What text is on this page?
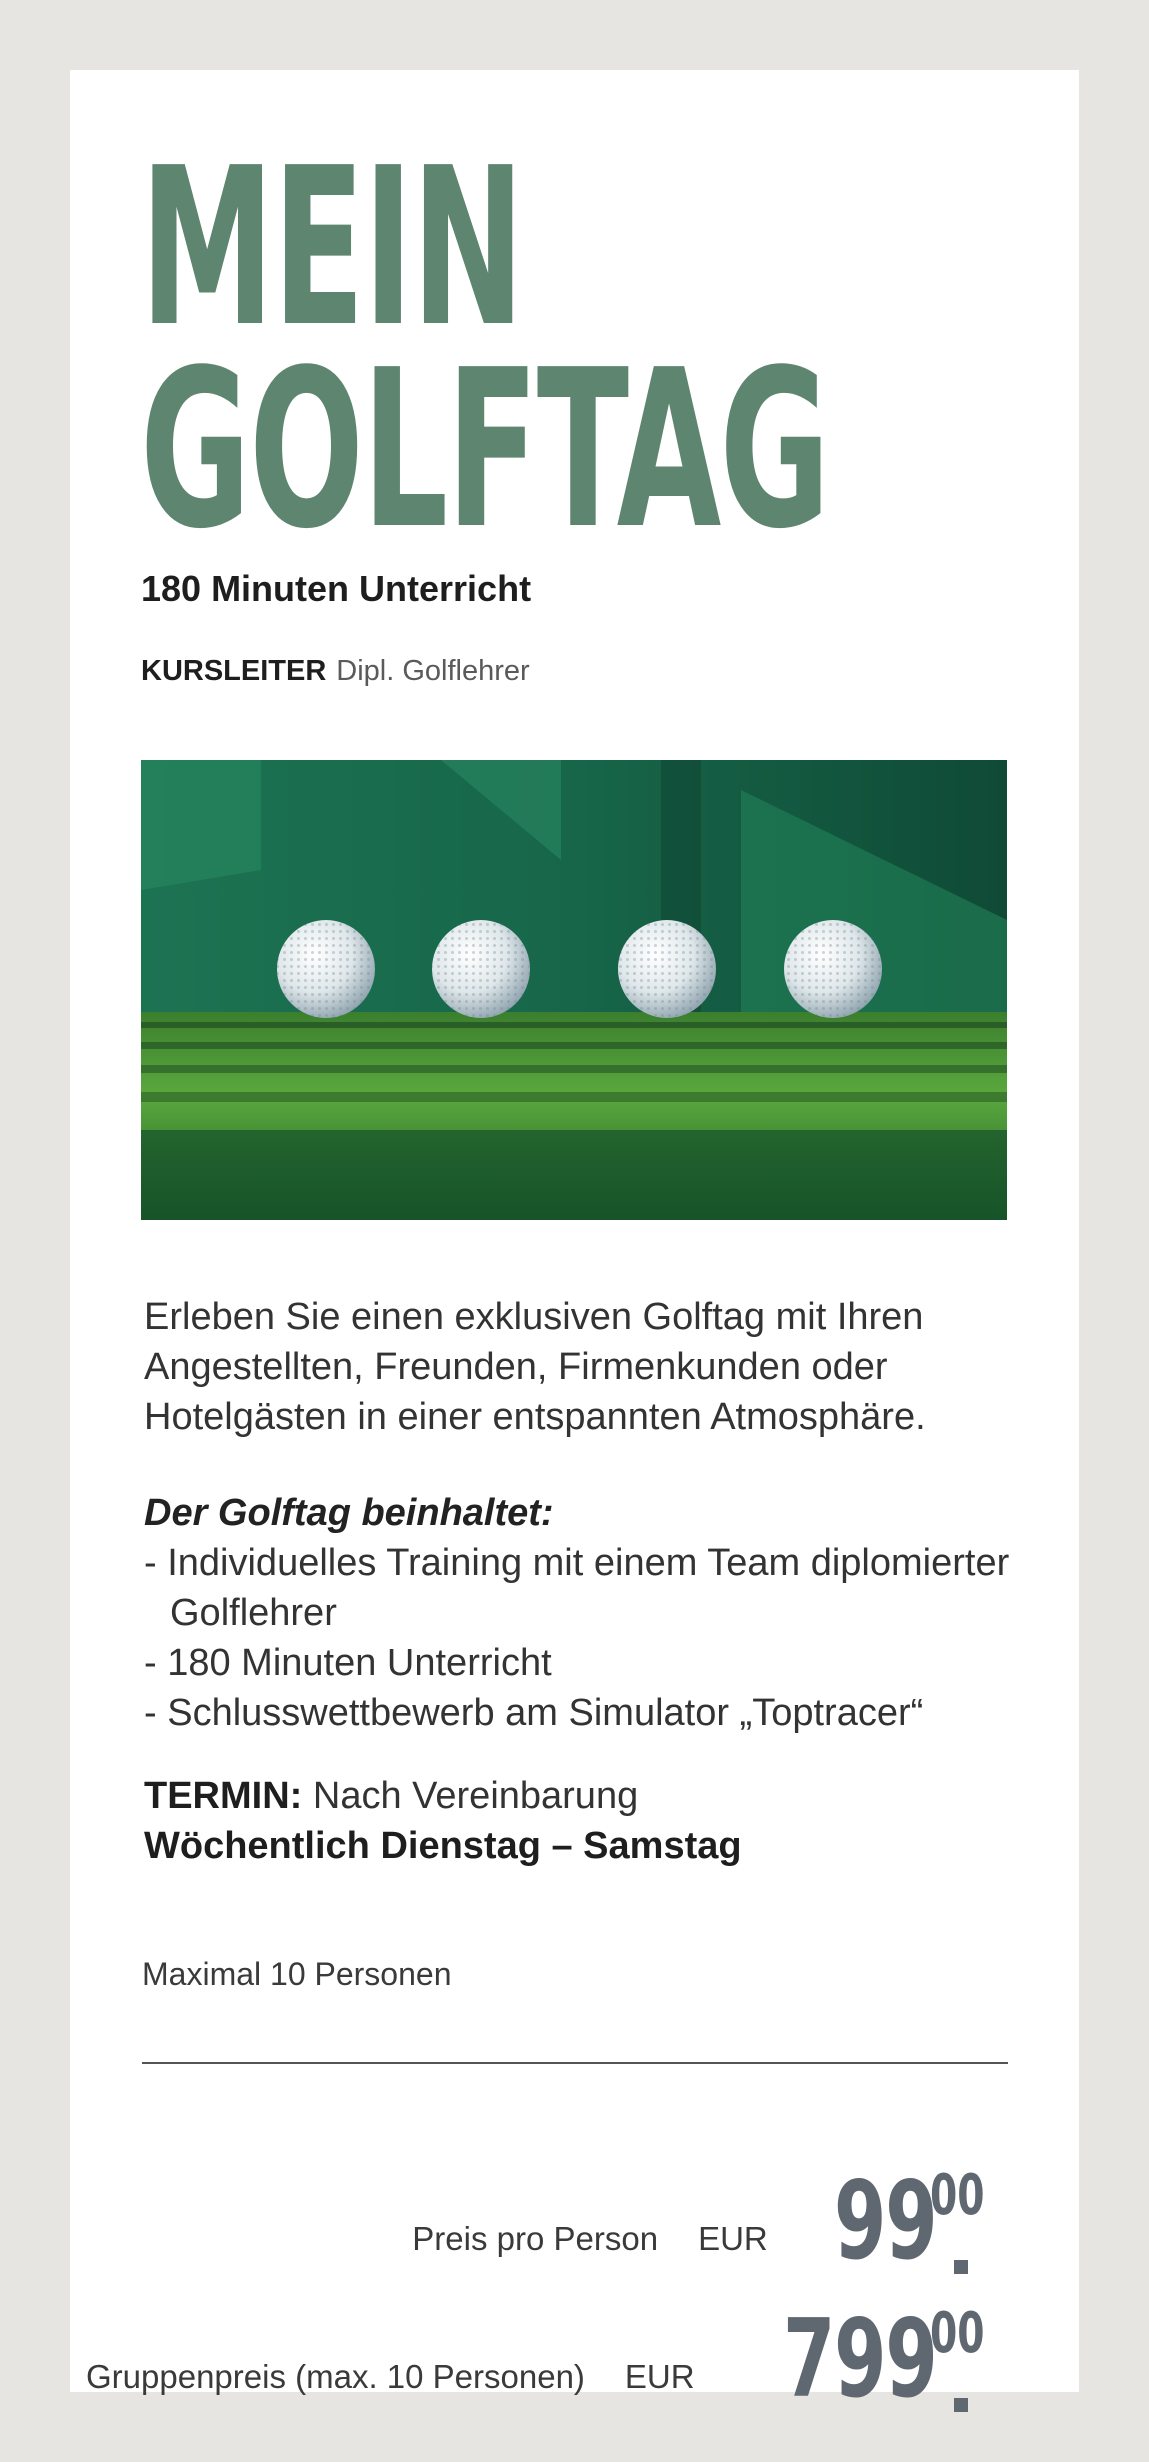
MEIN
GOLFTAG
180 Minuten Unterricht
KURSLEITER Dipl. Golflehrer

Erleben Sie einen exklusiven Golftag mit Ihren Angestellten, Freunden, Firmenkunden oder Hotelgästen in einer entspannten Atmosphäre.

Der Golftag beinhaltet:
- Individuelles Training mit einem Team diplomierter Golflehrer
- 180 Minuten Unterricht
- Schlusswettbewerb am Simulator „Toptracer“
TERMIN: Nach Vereinbarung
Wöchentlich Dienstag – Samstag
Maximal 10 Personen
Preis pro Person EUR 9900
Gruppenpreis (max. 10 Personen) EUR 79900
